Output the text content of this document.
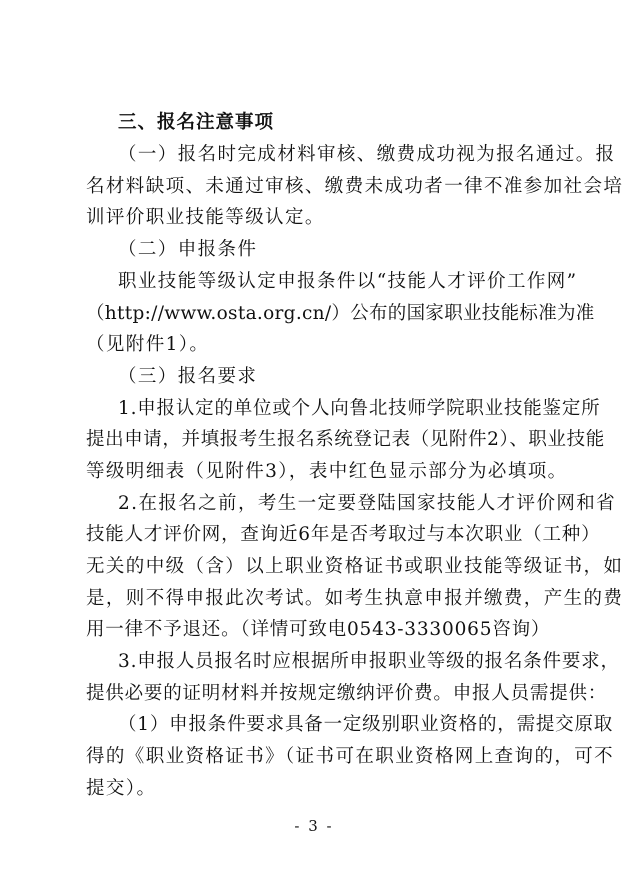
三、报名注意事项
（一）报名时完成材料审核、缴费成功视为报名通过。报
名材料缺项、未通过审核、缴费未成功者一律不准参加社会培
训评价职业技能等级认定。
（二）申报条件
职业技能等级认定申报条件以“技能人才评价工作网”
（http://www.osta.org.cn/）公布的国家职业技能标准为准
（见附件1）。
（三）报名要求
1.申报认定的单位或个人向鲁北技师学院职业技能鉴定所
提出申请，并填报考生报名系统登记表（见附件2）、职业技能
等级明细表（见附件3），表中红色显示部分为必填项。
2.在报名之前，考生一定要登陆国家技能人才评价网和省
技能人才评价网，查询近6年是否考取过与本次职业（工种）
无关的中级（含）以上职业资格证书或职业技能等级证书，如
是，则不得申报此次考试。如考生执意申报并缴费，产生的费
用一律不予退还。（详情可致电0543-3330065咨询）
3.申报人员报名时应根据所申报职业等级的报名条件要求，
提供必要的证明材料并按规定缴纳评价费。申报人员需提供：
（1）申报条件要求具备一定级别职业资格的，需提交原取
得的《职业资格证书》（证书可在职业资格网上查询的，可不
提交）。
- 3 -
